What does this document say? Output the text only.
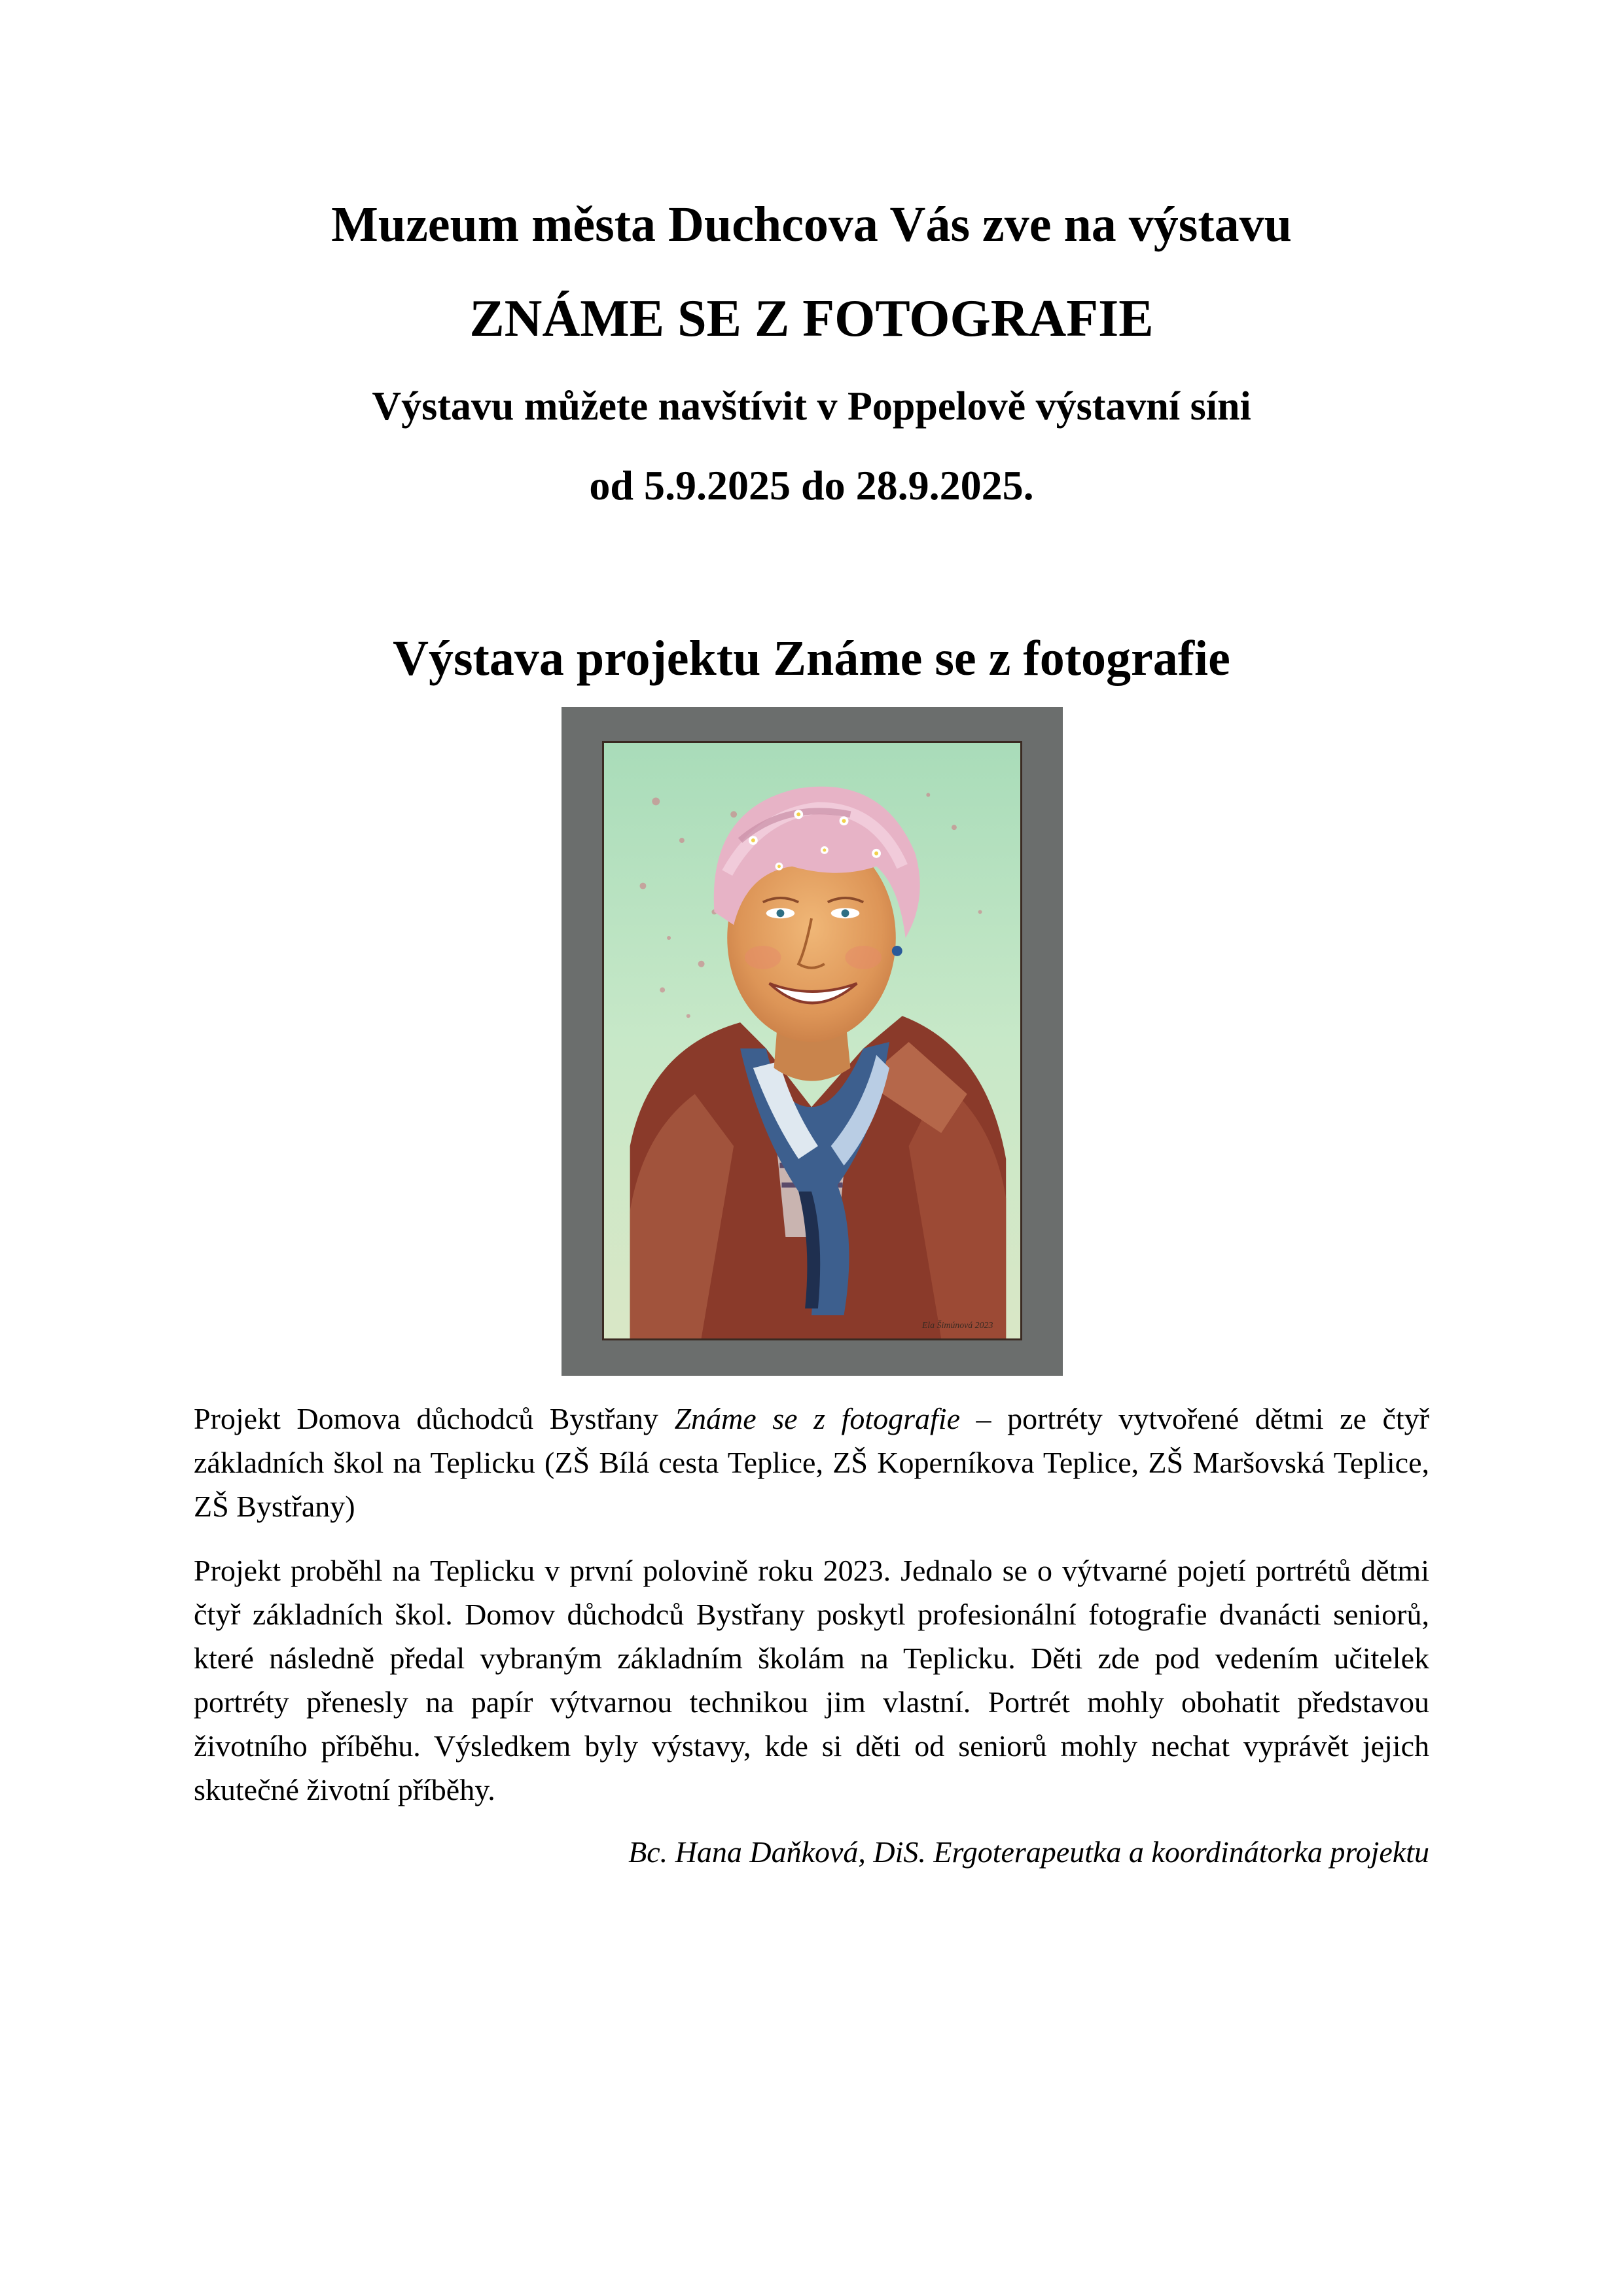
Muzeum města Duchcova Vás zve na výstavu
ZNÁME SE Z FOTOGRAFIE
Výstavu můžete navštívit v Poppelově výstavní síni
od 5.9.2025 do 28.9.2025.
Výstava projektu Známe se z fotografie
Ela Šimúnová 2023

Projekt Domova důchodců Bystřany Známe se z fotografie – portréty vytvořené dětmi ze čtyř základních škol na Teplicku (ZŠ Bílá cesta Teplice, ZŠ Koperníkova Teplice, ZŠ Maršovská Teplice, ZŠ Bystřany)

Projekt proběhl na Teplicku v první polovině roku 2023. Jednalo se o výtvarné pojetí portrétů dětmi čtyř základních škol. Domov důchodců Bystřany poskytl profesionální fotografie dvanácti seniorů, které následně předal vybraným základním školám na Teplicku. Děti zde pod vedením učitelek portréty přenesly na papír výtvarnou technikou jim vlastní. Portrét mohly obohatit představou životního příběhu. Výsledkem byly výstavy, kde si děti od seniorů mohly nechat vyprávět jejich skutečné životní příběhy.

Bc. Hana Daňková, DiS. Ergoterapeutka a koordinátorka projektu
